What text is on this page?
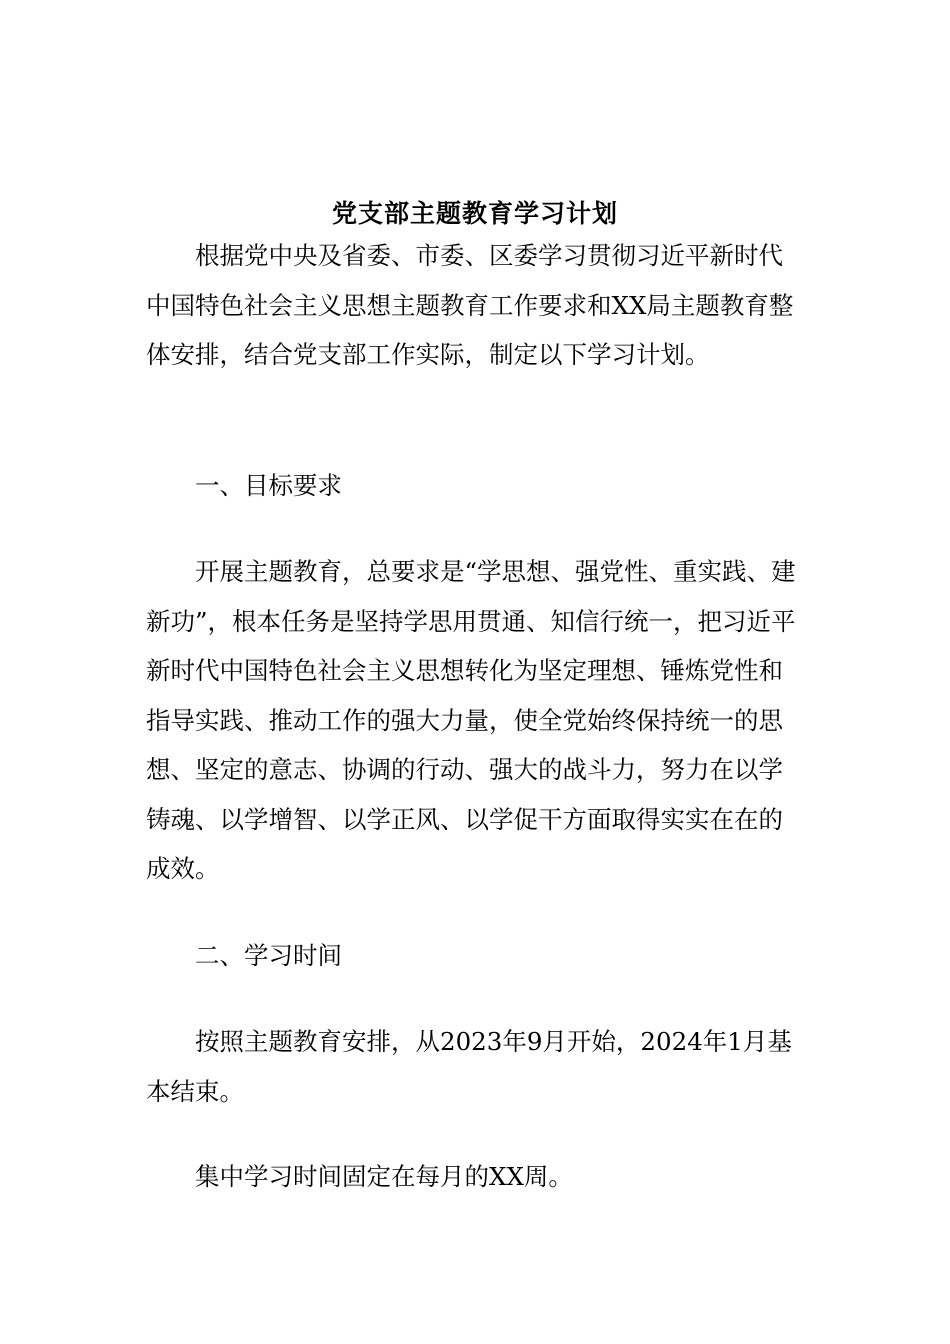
党支部主题教育学习计划

根据党中央及省委、市委、区委学习贯彻习近平新时代中国特色社会主义思想主题教育工作要求和XX局主题教育整体安排，结合党支部工作实际，制定以下学习计划。

一、目标要求

开展主题教育，总要求是“学思想、强党性、重实践、建新功”，根本任务是坚持学思用贯通、知信行统一，把习近平新时代中国特色社会主义思想转化为坚定理想、锤炼党性和指导实践、推动工作的强大力量，使全党始终保持统一的思想、坚定的意志、协调的行动、强大的战斗力，努力在以学铸魂、以学增智、以学正风、以学促干方面取得实实在在的成效。

二、学习时间

按照主题教育安排，从2023年9月开始，2024年1月基本结束。

集中学习时间固定在每月的XX周。
